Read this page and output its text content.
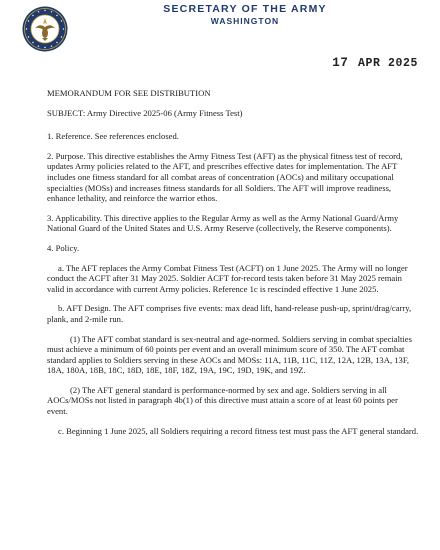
SECRETARY OF THE ARMY
WASHINGTON
17 APR 2025

MEMORANDUM FOR SEE DISTRIBUTION

SUBJECT: Army Directive 2025-06 (Army Fitness Test)

1. Reference. See references enclosed.

2. Purpose. This directive establishes the Army Fitness Test (AFT) as the physical fitness test of record, updates Army policies related to the AFT, and prescribes effective dates for implementation. The AFT includes one fitness standard for all combat areas of concentration (AOCs) and military occupational specialties (MOSs) and increases fitness standards for all Soldiers. The AFT will improve readiness, enhance lethality, and reinforce the warrior ethos.

3. Applicability. This directive applies to the Regular Army as well as the Army National Guard/Army National Guard of the United States and U.S. Army Reserve (collectively, the Reserve components).

4. Policy.

a. The AFT replaces the Army Combat Fitness Test (ACFT) on 1 June 2025. The Army will no longer conduct the ACFT after 31 May 2025. Soldier ACFT for-record tests taken before 31 May 2025 remain valid in accordance with current Army policies. Reference 1c is rescinded effective 1 June 2025.

b. AFT Design. The AFT comprises five events: max dead lift, hand-release push-up, sprint/drag/carry, plank, and 2-mile run.

(1) The AFT combat standard is sex-neutral and age-normed. Soldiers serving in combat specialties must achieve a minimum of 60 points per event and an overall minimum score of 350. The AFT combat standard applies to Soldiers serving in these AOCs and MOSs: 11A, 11B, 11C, 11Z, 12A, 12B, 13A, 13F, 18A, 180A, 18B, 18C, 18D, 18E, 18F, 18Z, 19A, 19C, 19D, 19K, and 19Z.

(2) The AFT general standard is performance-normed by sex and age. Soldiers serving in all AOCs/MOSs not listed in paragraph 4b(1) of this directive must attain a score of at least 60 points per event.

c. Beginning 1 June 2025, all Soldiers requiring a record fitness test must pass the AFT general standard.
